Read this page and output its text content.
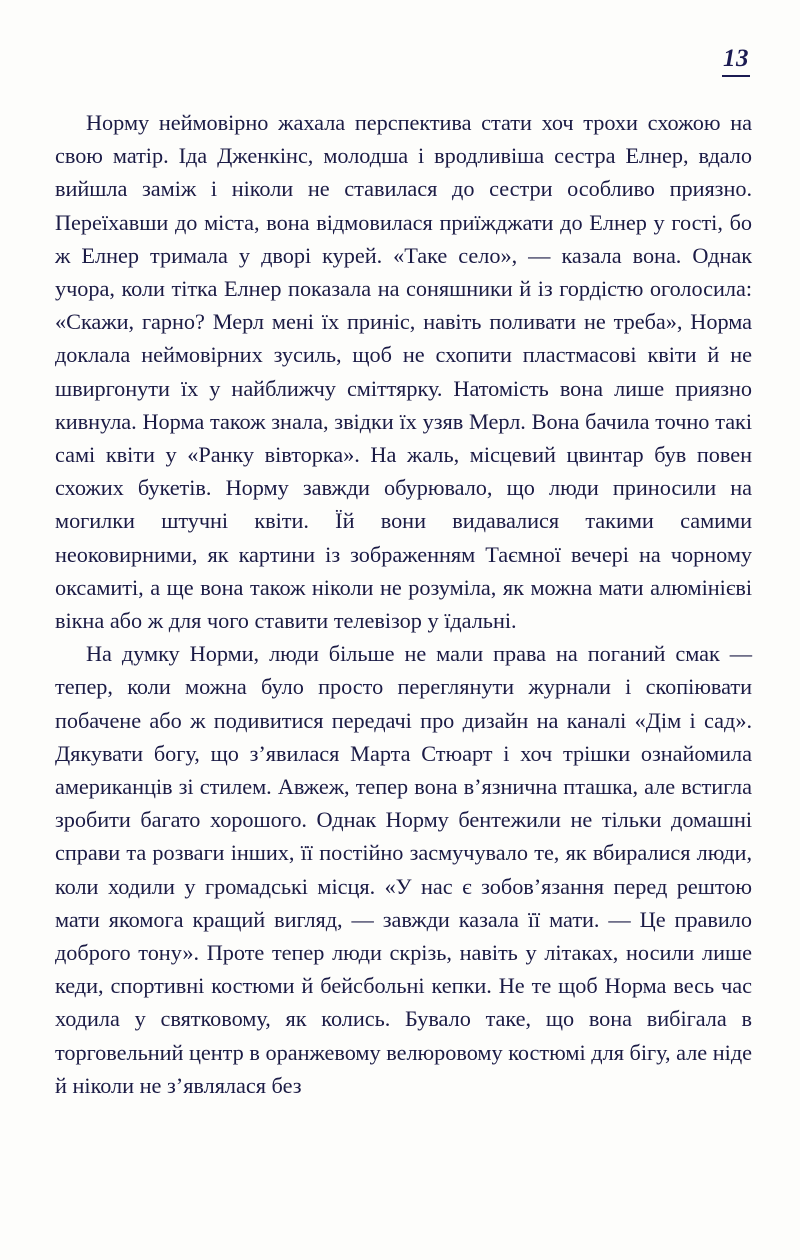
13

Норму неймовірно жахала перспектива стати хоч трохи схожою на свою матір. Іда Дженкінс, молодша і вродливіша сестра Елнер, вдало вийшла заміж і ніколи не ставилася до сестри особливо приязно. Переїхавши до міста, вона відмовилася приїжджати до Елнер у гості, бо ж Елнер тримала у дворі курей. «Таке село», — казала вона. Однак учора, коли тітка Елнер показала на соняшники й із гордістю оголосила: «Скажи, гарно? Мерл мені їх приніс, навіть поливати не треба», Норма доклала неймовірних зусиль, щоб не схопити пластмасові квіти й не швиргонути їх у найближчу сміттярку. Натомість вона лише приязно кивнула. Норма також знала, звідки їх узяв Мерл. Вона бачила точно такі самі квіти у «Ранку вівторка». На жаль, місцевий цвинтар був повен схожих букетів. Норму завжди обурювало, що люди приносили на могилки штучні квіти. Їй вони видавалися такими самими неоковирними, як картини із зображенням Таємної вечері на чорному оксамиті, а ще вона також ніколи не розуміла, як можна мати алюмінієві вікна або ж для чого ставити телевізор у їдальні.

На думку Норми, люди більше не мали права на поганий смак — тепер, коли можна було просто переглянути журнали і скопіювати побачене або ж подивитися передачі про дизайн на каналі «Дім і сад». Дякувати богу, що з’явилася Марта Стюарт і хоч трішки ознайомила американців зі стилем. Авжеж, тепер вона в’язнична пташка, але встигла зробити багато хорошого. Однак Норму бентежили не тільки домашні справи та розваги інших, її постійно засмучувало те, як вбиралися люди, коли ходили у громадські місця. «У нас є зобов’язання перед рештою мати якомога кращий вигляд, — завжди казала її мати. — Це правило доброго тону». Проте тепер люди скрізь, навіть у літаках, носили лише кеди, спортивні костюми й бейсбольні кепки. Не те щоб Норма весь час ходила у святковому, як колись. Бувало таке, що вона вибігала в торговельний центр в оранжевому велюровому костюмі для бігу, але ніде й ніколи не з’являлася без
